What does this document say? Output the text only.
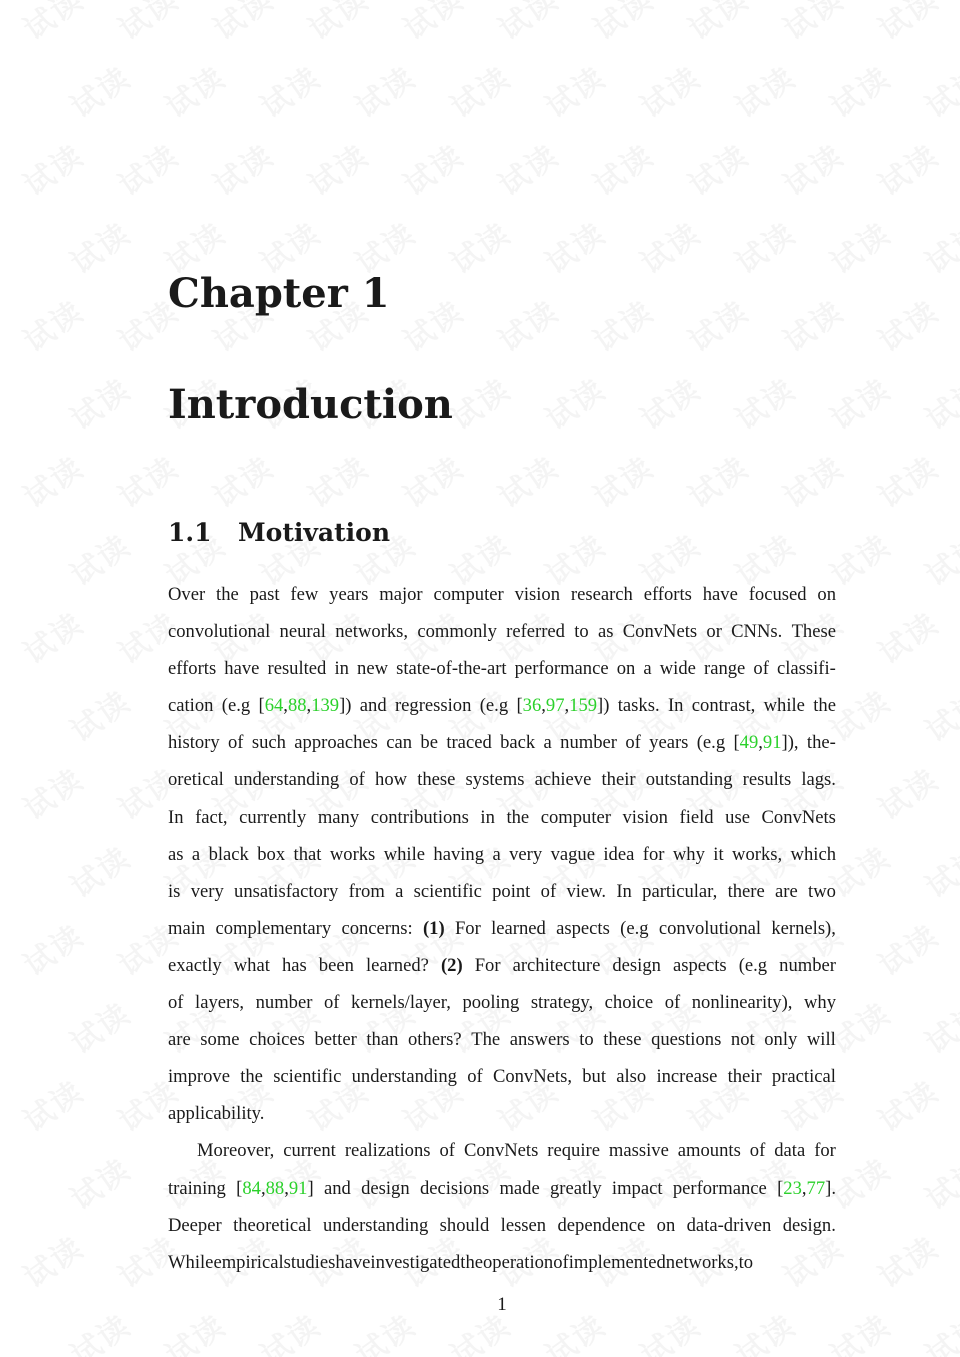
Chapter 1
Introduction
1.1 Motivation
Over the past few years major computer vision research efforts have focused on
convolutional neural networks, commonly referred to as ConvNets or CNNs. These
efforts have resulted in new state-of-the-art performance on a wide range of classifi-
cation (e.g [64,88,139]) and regression (e.g [36,97,159]) tasks. In contrast, while the
history of such approaches can be traced back a number of years (e.g [49,91]), the-
oretical understanding of how these systems achieve their outstanding results lags.
In fact, currently many contributions in the computer vision field use ConvNets
as a black box that works while having a very vague idea for why it works, which
is very unsatisfactory from a scientific point of view. In particular, there are two
main complementary concerns: (1) For learned aspects (e.g convolutional kernels),
exactly what has been learned? (2) For architecture design aspects (e.g number
of layers, number of kernels/layer, pooling strategy, choice of nonlinearity), why
are some choices better than others? The answers to these questions not only will
improve the scientific understanding of ConvNets, but also increase their practical
applicability.
Moreover, current realizations of ConvNets require massive amounts of data for
training [84,88,91] and design decisions made greatly impact performance [23,77].
Deeper theoretical understanding should lessen dependence on data-driven design.
While empirical studies have investigated the operation of implemented networks, to
1
